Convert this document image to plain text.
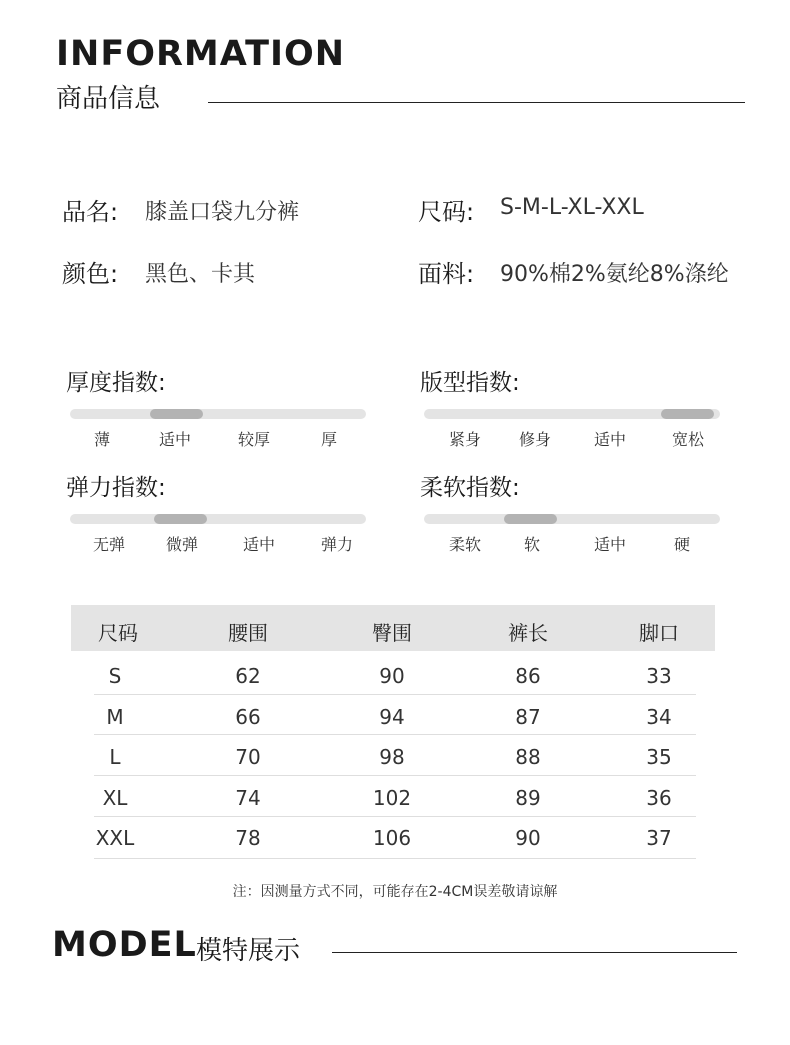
INFORMATION
商品信息
品名: 膝盖口袋九分裤	尺码: S-M-L-XL-XXL
颜色: 黑色、卡其	面料: 90%棉2%氨纶8%涤纶
厚度指数:
薄	适中	较厚	厚
版型指数:
紧身	修身	适中	宽松
弹力指数:
无弹	微弹	适中	弹力
柔软指数:
柔软	软	适中	硬
尺码	腰围	臀围	裤长	脚口
S	62	90	86	33
M	66	94	87	34
L	70	98	88	35
XL	74	102	89	36
XXL	78	106	90	37
注：因测量方式不同，可能存在2-4CM误差敬请谅解
MODEL 模特展示
